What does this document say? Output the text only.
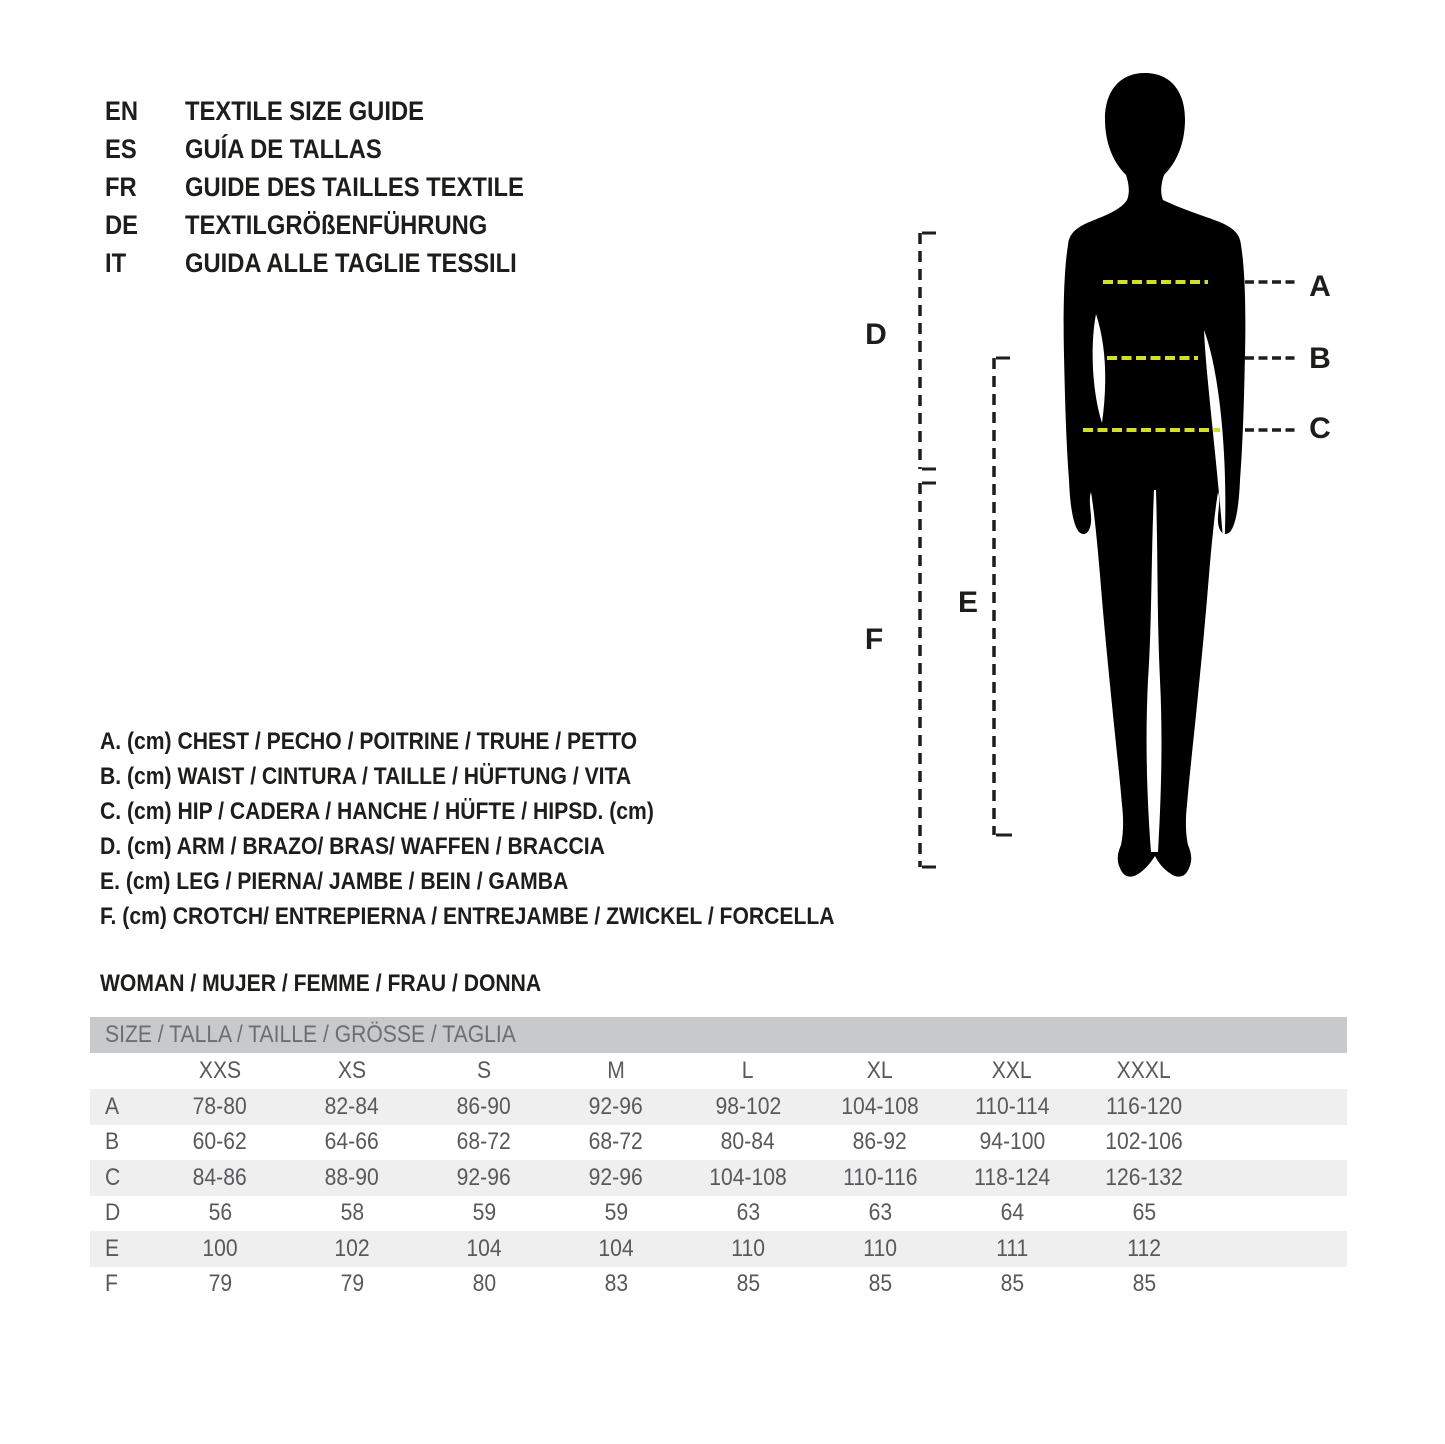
EN	TEXTILE SIZE GUIDE
ES	GUÍA DE TALLAS
FR	GUIDE DES TAILLES TEXTILE
DE	TEXTILGRÖßENFÜHRUNG
IT	GUIDA ALLE TAGLIE TESSILI
A
B
C
D
E
F
A. (cm) CHEST / PECHO / POITRINE / TRUHE / PETTO
B. (cm) WAIST / CINTURA / TAILLE / HÜFTUNG / VITA
C. (cm) HIP / CADERA / HANCHE / HÜFTE / HIPSD. (cm)
D. (cm) ARM / BRAZO/ BRAS/ WAFFEN / BRACCIA
E. (cm) LEG / PIERNA/ JAMBE / BEIN / GAMBA
F. (cm) CROTCH/ ENTREPIERNA / ENTREJAMBE / ZWICKEL / FORCELLA
WOMAN / MUJER / FEMME / FRAU / DONNA
SIZE / TALLA / TAILLE / GRÖSSE / TAGLIA
XXS	XS	S	M	L	XL	XXL	XXXL
A	78-80	82-84	86-90	92-96	98-102	104-108 110-114 116-120
B	60-62	64-66	68-72	68-72	80-84	86-92	94-100	102-106
C	84-86	88-90	92-96	92-96	104-108 110-116 118-124 126-132
D	56	58	59	59	63	63	64	65
E	100	102	104	104	110	110	111	112
F	79	79	80	83	85	85	85	85
